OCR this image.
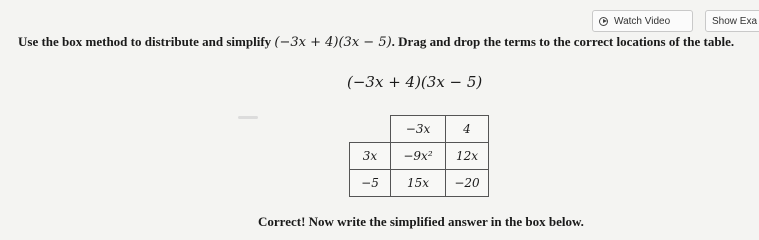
Watch Video	Show Exa
Use the box method to distribute and simplify (−3x + 4)(3x − 5). Drag and drop the terms to the correct locations of the table.
(−3x + 4)(3x − 5)
	−3x	4
3x	−9x²	12x
−5	15x	−20
Correct! Now write the simplified answer in the box below.
